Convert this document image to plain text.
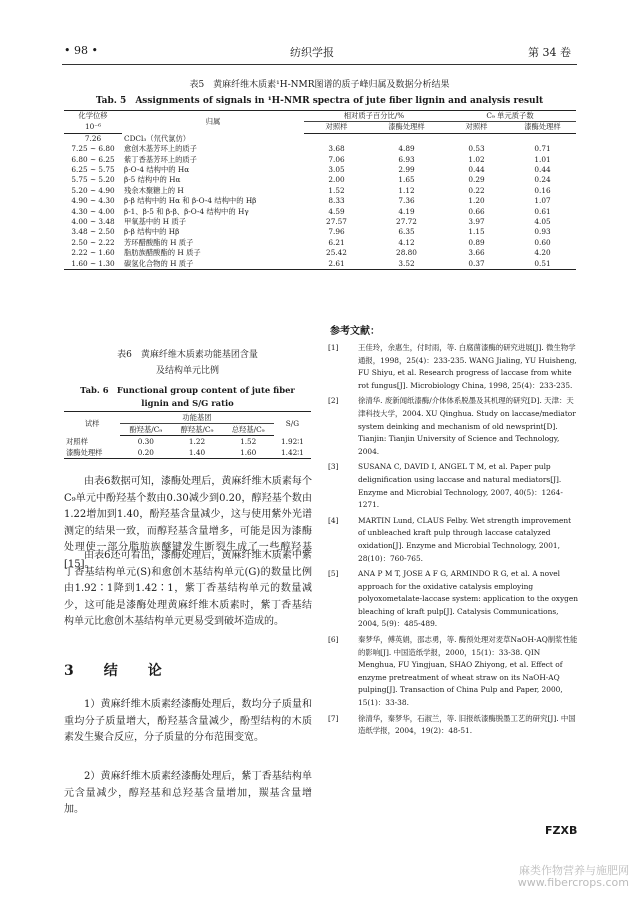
• 98 •	纺织学报	第 34 卷
表5　黄麻纤维木质素¹H-NMR图谱的质子峰归属及数据分析结果
Tab. 5　Assignments of signals in ¹H-NMR spectra of jute fiber lignin and analysis result
化学位移	归属	相对质子百分比/%		C₉ 单元质子数	
10⁻⁶		对照样	漆酶处理样	对照样	漆酶处理样
7.26	CDCl₃（氘代氯仿）				
7.25 ~ 6.80	愈创木基芳环上的质子	3.68	4.89	0.53	0.71
6.80 ~ 6.25	紫丁香基芳环上的质子	7.06	6.93	1.02	1.01
6.25 ~ 5.75	β-O-4 结构中的 Hα	3.05	2.99	0.44	0.44
5.75 ~ 5.20	β-5 结构中的 Hα	2.00	1.65	0.29	0.24
5.20 ~ 4.90	残余木聚糖上的 H	1.52	1.12	0.22	0.16
4.90 ~ 4.30	β-β 结构中的 Hα 和 β-O-4 结构中的 Hβ	8.33	7.36	1.20	1.07
4.30 ~ 4.00	β-1、β-5 和 β-β、β-O-4 结构中的 Hγ	4.59	4.19	0.66	0.61
4.00 ~ 3.48	甲氧基中的 H 质子	27.57	27.72	3.97	4.05
3.48 ~ 2.50	β-β 结构中的 Hβ	7.96	6.35	1.15	0.93
2.50 ~ 2.22	芳环醋酸酯的 H 质子	6.21	4.12	0.89	0.60
2.22 ~ 1.60	脂肪族醋酸酯的 H 质子	25.42	28.80	3.66	4.20
1.60 ~ 1.30	碳氢化合物的 H 质子	2.61	3.52	0.37	0.51
表6　黄麻纤维木质素功能基团含量
及结构单元比例
试样	功能基团			S/G
	酚羟基/C₉	醇羟基/C₉	总羟基/C₉	
对照样	0.30	1.22	1.52	1.92∶1
漆酶处理样	0.20	1.40	1.60	1.42∶1
Tab. 6　Functional group content of jute fiber
由表6数据可知，漆酶处理后，黄麻纤维木质素每个C₉单元中酚羟基个数由0.30减少到0.20，醇羟基个数由1.22增加到1.40，酚羟基含量减少，这与使用紫外光谱测定的结果一致，而醇羟基含量增多，可能是因为漆酶处理使一部分脂肪族醚键发生断裂生成了一些醇羟基[15]。
由表6还可看出，漆酶处理后，黄麻纤维木质素中紫丁香基结构单元(S)和愈创木基结构单元(G)的数量比例由1.92∶1降到1.42∶1，紫丁香基结构单元的数量减少，这可能是漆酶处理黄麻纤维木质素时，紫丁香基结构单元比愈创木基结构单元更易受到破坏造成的。
3　结　论
1）黄麻纤维木质素经漆酶处理后，数均分子质量和重均分子质量增大，酚羟基含量减少，酚型结构的木质素发生聚合反应，分子质量的分布范围变宽。
2）黄麻纤维木质素经漆酶处理后，紫丁香基结构单元含量减少，醇羟基和总羟基含量增加，羰基含量增加。
参考文献：
[1]	王佳玲，余惠生，付时雨，等. 白腐菌漆酶的研究进展[J]. 微生物学通报，1998，25(4)：233-235. WANG Jialing, YU Huisheng, FU Shiyu, et al. Research progress of laccase from white rot fungus[J]. Microbiology China, 1998, 25(4)：233-235.
[2]	徐清华. 废新闻纸漆酶/介体体系脱墨及其机理的研究[D]. 天津：天津科技大学，2004. XU Qinghua. Study on laccase/mediator system deinking and mechanism of old newsprint[D]. Tianjin: Tianjin University of Science and Technology, 2004.
[3]	SUSANA C, DAVID I, ANGEL T M, et al. Paper pulp delignification using laccase and natural mediators[J]. Enzyme and Microbial Technology, 2007, 40(5)：1264-1271.
[4]	MARTIN Lund, CLAUS Felby. Wet strength improvement of unbleached kraft pulp through laccase catalyzed oxidation[J]. Enzyme and Microbial Technology, 2001, 28(10)：760-765.
[5]	ANA P M T, JOSE A F G, ARMINDO R G, et al. A novel approach for the oxidative catalysis employing polyoxometalate-laccase system: application to the oxygen bleaching of kraft pulp[J]. Catalysis Communications, 2004, 5(9)：485-489.
[6]	秦梦华，傅英娟，邵志勇，等. 酶预处理对麦草NaOH-AQ制浆性能的影响[J]. 中国造纸学报，2000，15(1)：33-38. QIN Menghua, FU Yingjuan, SHAO Zhiyong, et al. Effect of enzyme pretreatment of wheat straw on its NaOH-AQ pulping[J]. Transaction of China Pulp and Paper, 2000, 15(1)：33-38.
[7]	徐清华，秦梦华，石淑兰，等. 旧报纸漆酶脱墨工艺的研究[J]. 中国造纸学报，2004，19(2)：48-51.
FZXB
麻类作物营养与施肥网
www.fibercrops.com
lignin and S/G ratio
